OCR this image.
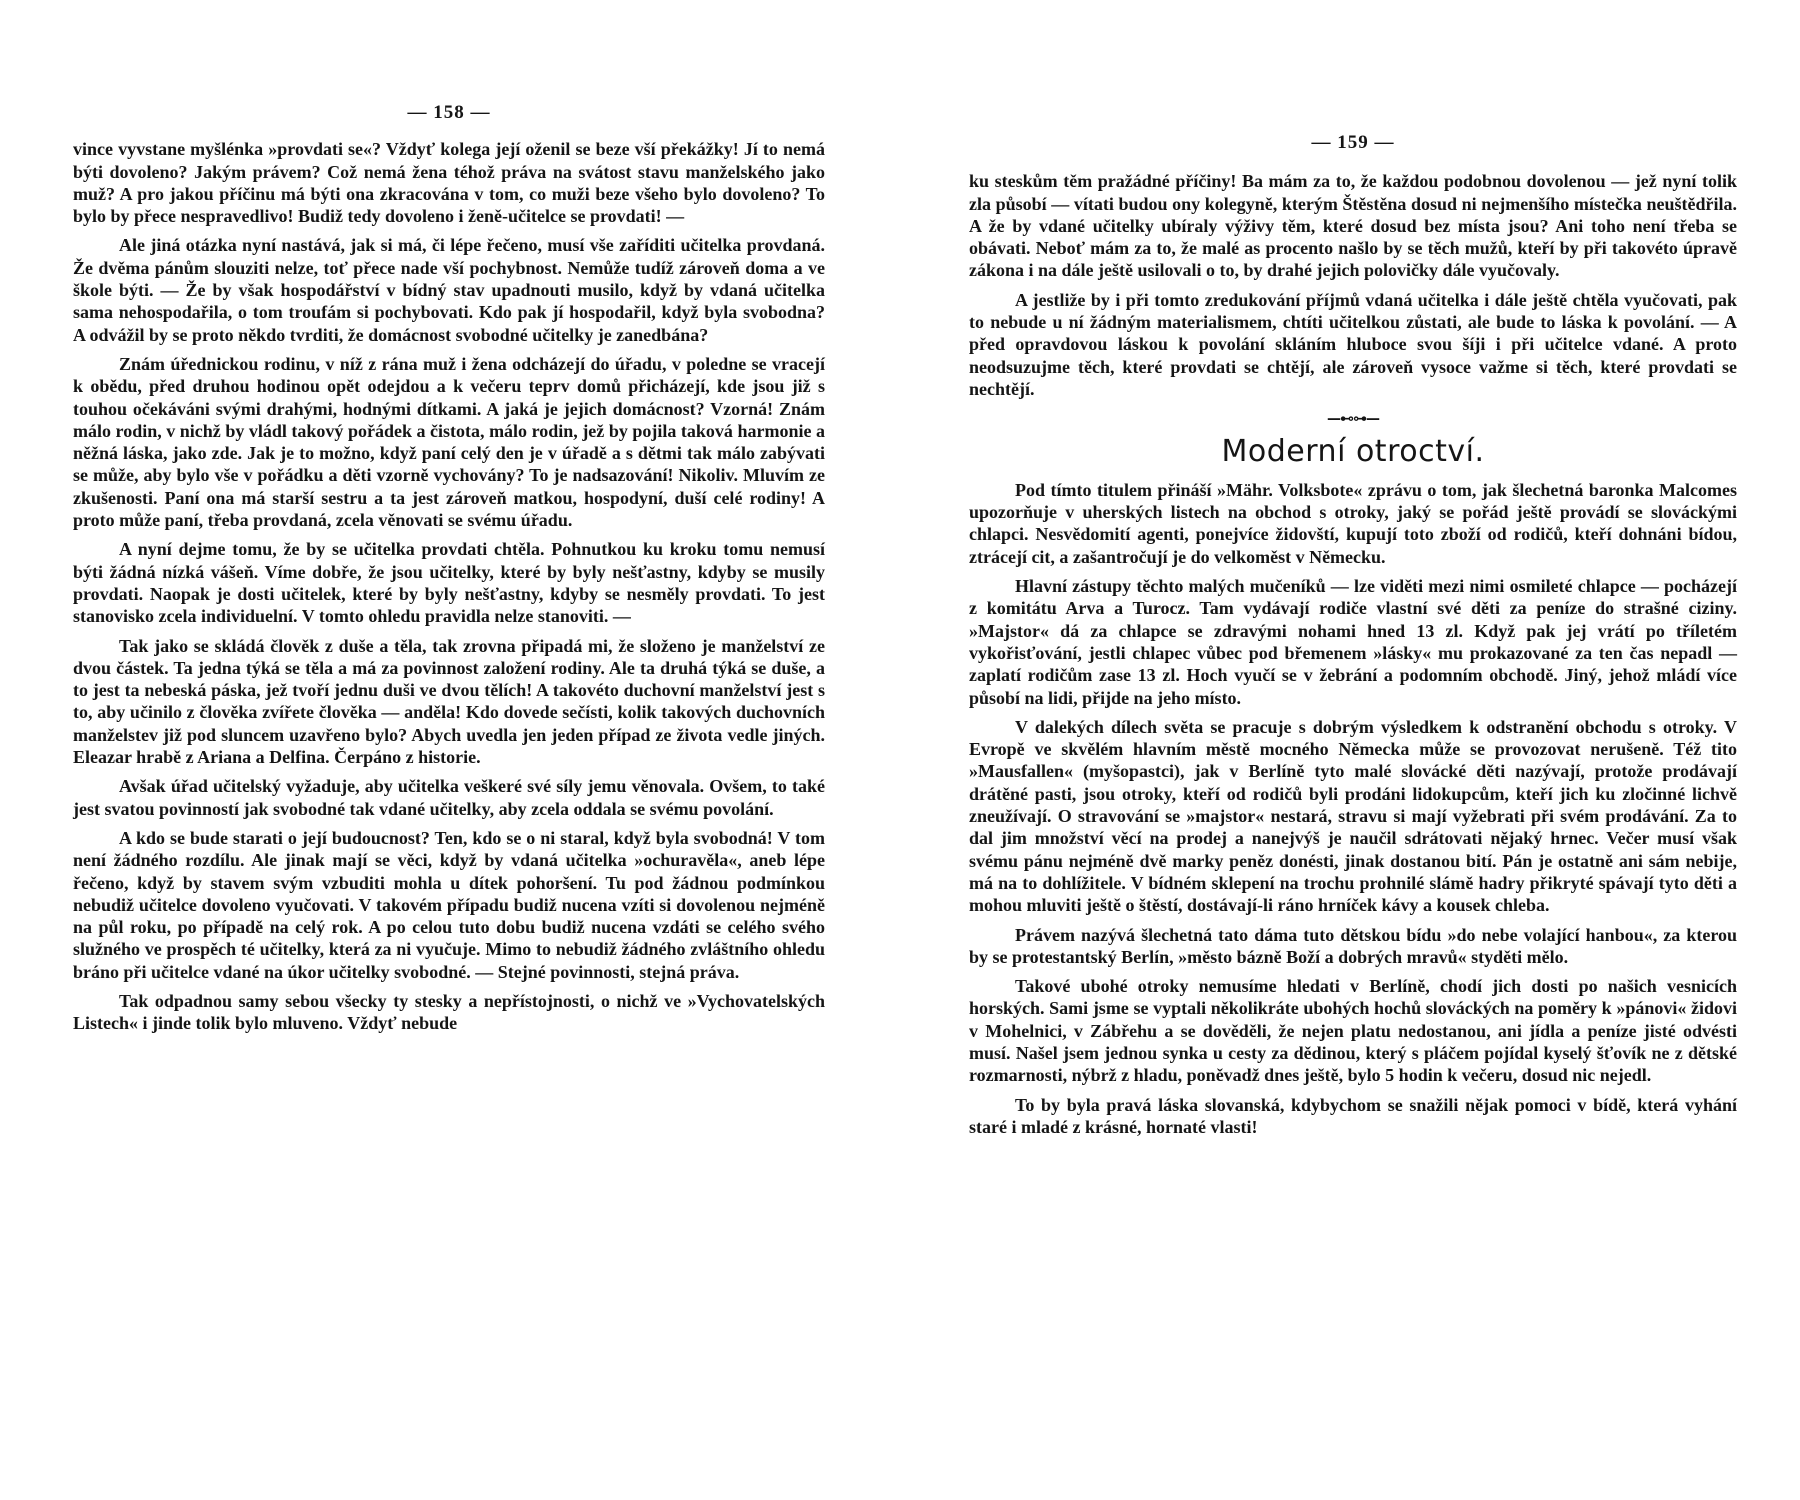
— 158 —

vince vyvstane myšlénka »provdati se«? Vždyť kolega její oženil se beze vší překážky! Jí to nemá býti dovoleno? Jakým právem? Což nemá žena téhož práva na svátost stavu manželského jako muž? A pro jakou příčinu má býti ona zkracována v tom, co muži beze všeho bylo dovoleno? To bylo by přece nespravedlivo! Budiž tedy dovoleno i ženě-učitelce se provdati! —

Ale jiná otázka nyní nastává, jak si má, či lépe řečeno, musí vše zaříditi učitelka provdaná. Že dvěma pánům slouziti nelze, toť přece nade vší pochybnost. Nemůže tudíž zároveň doma a ve škole býti. — Že by však hospodářství v bídný stav upadnouti musilo, když by vdaná učitelka sama nehospodařila, o tom troufám si pochybovati. Kdo pak jí hospodařil, když byla svobodna? A odvážil by se proto někdo tvrditi, že domácnost svobodné učitelky je zanedbána?

Znám úřednickou rodinu, v níž z rána muž i žena odcházejí do úřadu, v poledne se vracejí k obědu, před druhou hodinou opět odejdou a k večeru teprv domů přicházejí, kde jsou již s touhou očekáváni svými drahými, hodnými dítkami. A jaká je jejich domácnost? Vzorná! Znám málo rodin, v nichž by vládl takový pořádek a čistota, málo rodin, jež by pojila taková harmonie a něžná láska, jako zde. Jak je to možno, když paní celý den je v úřadě a s dětmi tak málo zabývati se může, aby bylo vše v pořádku a děti vzorně vychovány? To je nadsazování! Nikoliv. Mluvím ze zkušenosti. Paní ona má starší sestru a ta jest zároveň matkou, hospodyní, duší celé rodiny! A proto může paní, třeba provdaná, zcela věnovati se svému úřadu.

A nyní dejme tomu, že by se učitelka provdati chtěla. Pohnutkou ku kroku tomu nemusí býti žádná nízká vášeň. Víme dobře, že jsou učitelky, které by byly nešťastny, kdyby se musily provdati. Naopak je dosti učitelek, které by byly nešťastny, kdyby se nesměly provdati. To jest stanovisko zcela individuelní. V tomto ohledu pravidla nelze stanoviti. —

Tak jako se skládá člověk z duše a těla, tak zrovna připadá mi, že složeno je manželství ze dvou částek. Ta jedna týká se těla a má za povinnost založení rodiny. Ale ta druhá týká se duše, a to jest ta nebeská páska, jež tvoří jednu duši ve dvou tělích! A takovéto duchovní manželství jest s to, aby učinilo z člověka zvířete člověka — anděla! Kdo dovede sečísti, kolik takových duchovních manželstev již pod sluncem uzavřeno bylo? Abych uvedla jen jeden případ ze života vedle jiných. Eleazar hrabě z Ariana a Delfina. Čerpáno z historie.

Avšak úřad učitelský vyžaduje, aby učitelka veškeré své síly jemu věnovala. Ovšem, to také jest svatou povinností jak svobodné tak vdané učitelky, aby zcela oddala se svému povolání.

A kdo se bude starati o její budoucnost? Ten, kdo se o ni staral, když byla svobodná! V tom není žádného rozdílu. Ale jinak mají se věci, když by vdaná učitelka »ochuravěla«, aneb lépe řečeno, když by stavem svým vzbuditi mohla u dítek pohoršení. Tu pod žádnou podmínkou nebudiž učitelce dovoleno vyučovati. V takovém případu budiž nucena vzíti si dovolenou nejméně na půl roku, po případě na celý rok. A po celou tuto dobu budiž nucena vzdáti se celého svého služného ve prospěch té učitelky, která za ni vyučuje. Mimo to nebudiž žádného zvláštního ohledu bráno při učitelce vdané na úkor učitelky svobodné. — Stejné povinnosti, stejná práva.

Tak odpadnou samy sebou všecky ty stesky a nepřístojnosti, o nichž ve »Vychovatelských Listech« i jinde tolik bylo mluveno. Vždyť nebude

— 159 —

ku steskům těm pražádné příčiny! Ba mám za to, že každou podobnou dovolenou — jež nyní tolik zla působí — vítati budou ony kolegyně, kterým Štěstěna dosud ni nejmenšího místečka neuštědřila. A že by vdané učitelky ubíraly výživy těm, které dosud bez místa jsou? Ani toho není třeba se obávati. Neboť mám za to, že malé as procento našlo by se těch mužů, kteří by při takovéto úpravě zákona i na dále ještě usilovali o to, by drahé jejich polovičky dále vyučovaly.

A jestliže by i při tomto zredukování příjmů vdaná učitelka i dále ještě chtěla vyučovati, pak to nebude u ní žádným materialismem, chtíti učitelkou zůstati, ale bude to láska k povolání. — A před opravdovou láskou k povolání skláním hluboce svou šíji i při učitelce vdané. A proto neodsuzujme těch, které provdati se chtějí, ale zároveň vysoce važme si těch, které provdati se nechtějí.

—⊷⊶—
Moderní otroctví.

Pod tímto titulem přináší »Mähr. Volksbote« zprávu o tom, jak šlechetná baronka Malcomes upozorňuje v uherských listech na obchod s otroky, jaký se pořád ještě provádí se slováckými chlapci. Nesvědomití agenti, ponejvíce židovští, kupují toto zboží od rodičů, kteří dohnáni bídou, ztrácejí cit, a zašantročují je do velkoměst v Německu.

Hlavní zástupy těchto malých mučeníků — lze viděti mezi nimi osmileté chlapce — pocházejí z komitátu Arva a Turocz. Tam vydávají rodiče vlastní své děti za peníze do strašné ciziny. »Majstor« dá za chlapce se zdravými nohami hned 13 zl. Když pak jej vrátí po tříletém vykořisťování, jestli chlapec vůbec pod břemenem »lásky« mu prokazované za ten čas nepadl — zaplatí rodičům zase 13 zl. Hoch vyučí se v žebrání a podomním obchodě. Jiný, jehož mládí více působí na lidi, přijde na jeho místo.

V dalekých dílech světa se pracuje s dobrým výsledkem k odstranění obchodu s otroky. V Evropě ve skvělém hlavním městě mocného Německa může se provozovat nerušeně. Též tito »Mausfallen« (myšopastci), jak v Berlíně tyto malé slovácké děti nazývají, protože prodávají drátěné pasti, jsou otroky, kteří od rodičů byli prodáni lidokupcům, kteří jich ku zločinné lichvě zneužívají. O stravování se »majstor« nestará, stravu si mají vyžebrati při svém prodávání. Za to dal jim množství věcí na prodej a nanejvýš je naučil sdrátovati nějaký hrnec. Večer musí však svému pánu nejméně dvě marky peněz donésti, jinak dostanou bití. Pán je ostatně ani sám nebije, má na to dohlížitele. V bídném sklepení na trochu prohnilé slámě hadry přikryté spávají tyto děti a mohou mluviti ještě o štěstí, dostávají-li ráno hrníček kávy a kousek chleba.

Právem nazývá šlechetná tato dáma tuto dětskou bídu »do nebe volající hanbou«, za kterou by se protestantský Berlín, »město bázně Boží a dobrých mravů« styděti mělo.

Takové ubohé otroky nemusíme hledati v Berlíně, chodí jich dosti po našich vesnicích horských. Sami jsme se vyptali několikráte ubohých hochů slováckých na poměry k »pánovi« židovi v Mohelnici, v Zábřehu a se dověděli, že nejen platu nedostanou, ani jídla a peníze jisté odvésti musí. Našel jsem jednou synka u cesty za dědinou, který s pláčem pojídal kyselý šťovík ne z dětské rozmarnosti, nýbrž z hladu, poněvadž dnes ještě, bylo 5 hodin k večeru, dosud nic nejedl.

To by byla pravá láska slovanská, kdybychom se snažili nějak pomoci v bídě, která vyhání staré i mladé z krásné, hornaté vlasti!
